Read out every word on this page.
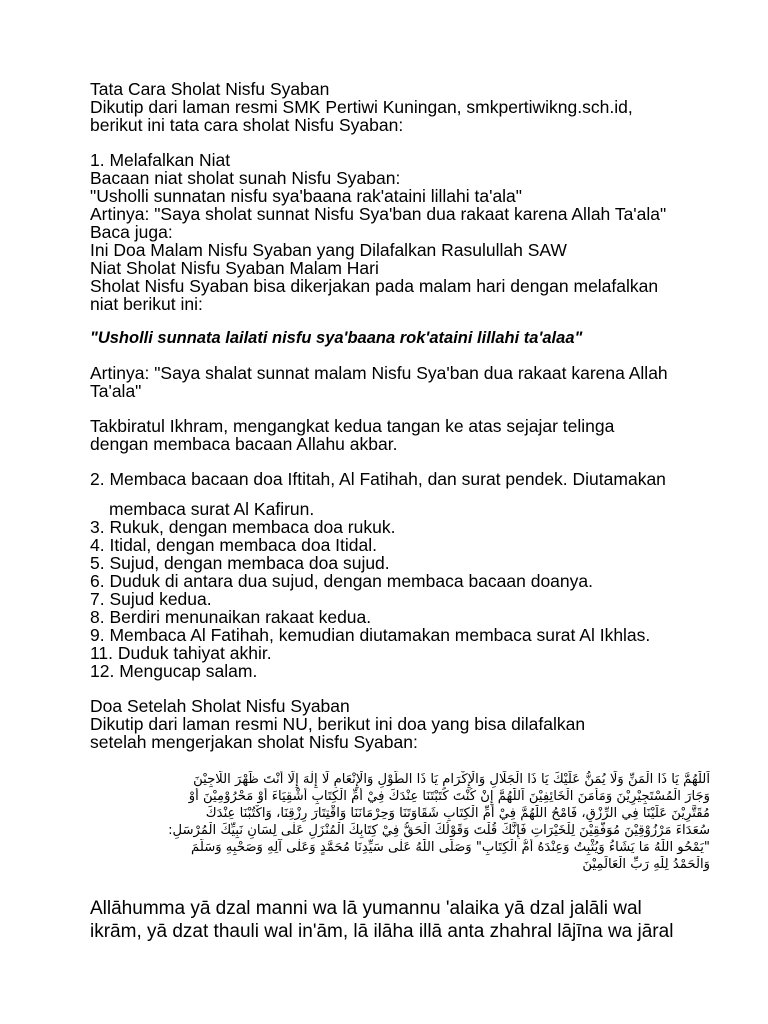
Tata Cara Sholat Nisfu Syaban
Dikutip dari laman resmi SMK Pertiwi Kuningan, smkpertiwikng.sch.id,
berikut ini tata cara sholat Nisfu Syaban:
1. Melafalkan Niat
Bacaan niat sholat sunah Nisfu Syaban:
"Usholli sunnatan nisfu sya'baana rak'ataini lillahi ta'ala"
Artinya: "Saya sholat sunnat Nisfu Sya'ban dua rakaat karena Allah Ta'ala"
Baca juga:
Ini Doa Malam Nisfu Syaban yang Dilafalkan Rasulullah SAW
Niat Sholat Nisfu Syaban Malam Hari
Sholat Nisfu Syaban bisa dikerjakan pada malam hari dengan melafalkan
niat berikut ini:
"Usholli sunnata lailati nisfu sya'baana rok'ataini lillahi ta'alaa"
Artinya: "Saya shalat sunnat malam Nisfu Sya'ban dua rakaat karena Allah
Ta'ala"
Takbiratul Ikhram, mengangkat kedua tangan ke atas sejajar telinga
dengan membaca bacaan Allahu akbar.
2. Membaca bacaan doa Iftitah, Al Fatihah, dan surat pendek. Diutamakan
membaca surat Al Kafirun.
3. Rukuk, dengan membaca doa rukuk.
4. Itidal, dengan membaca doa Itidal.
5. Sujud, dengan membaca doa sujud.
6. Duduk di antara dua sujud, dengan membaca bacaan doanya.
7. Sujud kedua.
8. Berdiri menunaikan rakaat kedua.
9. Membaca Al Fatihah, kemudian diutamakan membaca surat Al Ikhlas.
11. Duduk tahiyat akhir.
12. Mengucap salam.
Doa Setelah Sholat Nisfu Syaban
Dikutip dari laman resmi NU, berikut ini doa yang bisa dilafalkan
setelah mengerjakan sholat Nisfu Syaban:
اَللّٰهُمَّ يَا ذَا الْمَنِّ وَلَا يُمَنُّ عَلَيْكَ يَا ذَا الْجَلَالِ وَالْإِكْرَامِ يَا ذَا الطَّوْلِ وَالْإِنْعَامِ لَا إِلٰهَ إِلَّا أَنْتَ ظَهْرَ اللَّاجِيْنَ
وَجَارَ الْمُسْتَجِيْرِيْنَ وَمَأْمَنَ الْخَائِفِيْنَ اَللّٰهُمَّ إِنْ كُنْتَ كَتَبْتَنَا عِنْدَكَ فِيْ أُمِّ الْكِتَابِ أَشْقِيَاءَ أَوْ مَحْرُوْمِيْنَ أَوْ
مُقَتَّرِيْنَ عَلَيْنَا فِي الرِّزْقِ، فَامْحُ اللّٰهُمَّ فِيْ أُمِّ الْكِتَابِ شَقَاوَتَنَا وَحِرْمَانَنَا وَاقْتِتَارَ رِزْقِنَا، وَاكْتُبْنَا عِنْدَكَ
سُعَدَاءَ مَرْزُوْقِيْنَ مُوَفَّقِيْنَ لِلْخَيْرَاتِ فَإِنَّكَ قُلْتَ وَقَوْلُكَ الْحَقُّ فِيْ كِتَابِكَ الْمُنْزَلِ عَلٰى لِسَانِ نَبِيِّكَ الْمُرْسَلِ:
"يَمْحُو اللّٰهُ مَا يَشَاءُ وَيُثْبِتُ وَعِنْدَهُ أُمُّ الْكِتَابِ" وَصَلَّى اللّٰهُ عَلٰى سَيِّدِنَا مُحَمَّدٍ وَعَلٰى آلِهِ وَصَحْبِهِ وَسَلَّمَ
وَالْحَمْدُ لِلّٰهِ رَبِّ الْعَالَمِيْنَ
Allāhumma yā dzal manni wa lā yumannu 'alaika yā dzal jalāli wal
ikrām, yā dzat thauli wal in'ām, lā ilāha illā anta zhahral lājīna wa jāral
